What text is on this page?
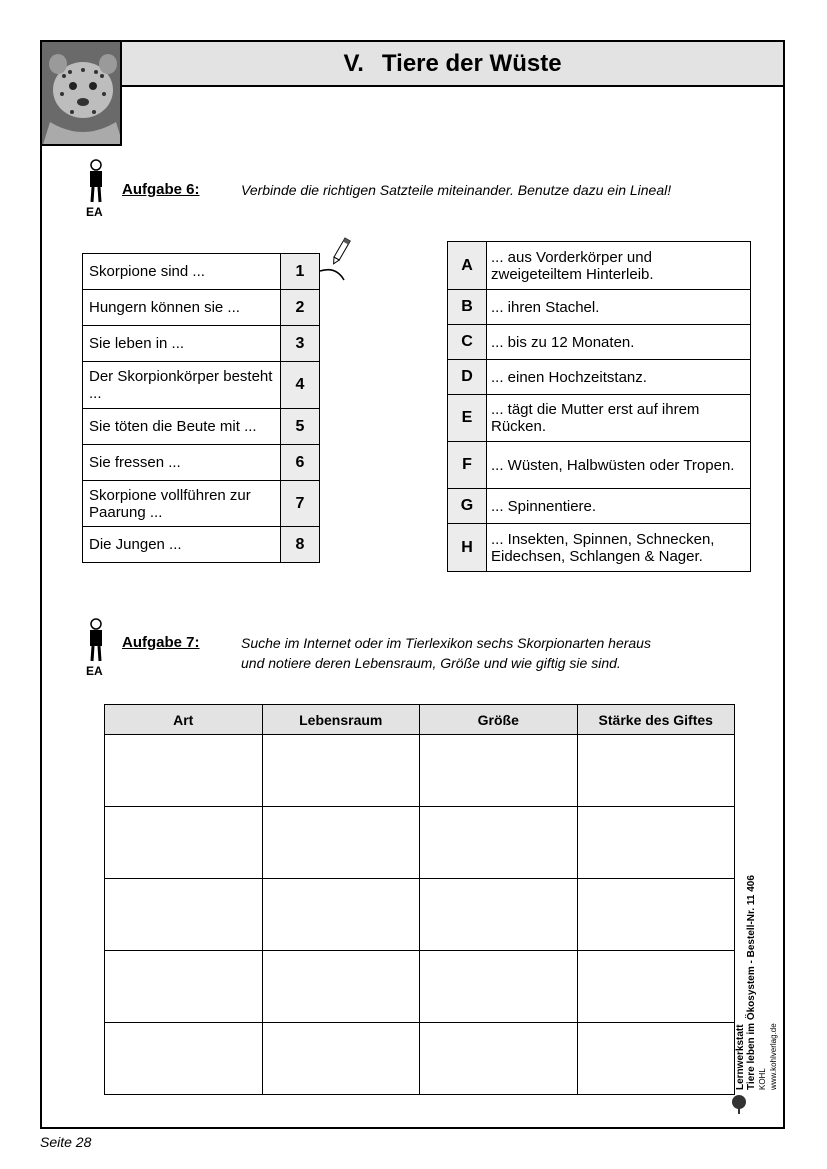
V. Tiere der Wüste
EA
Aufgabe 6:	Verbinde die richtigen Satzteile miteinander. Benutze dazu ein Lineal!
Skorpione sind ...	1
Hungern können sie ...	2
Sie leben in ...	3
Der Skorpionkörper besteht ...	4
Sie töten die Beute mit ...	5
Sie fressen ...	6
Skorpione vollführen zur Paarung ...	7
Die Jungen ...	8
A	... aus Vorderkörper und zweigeteiltem Hinterleib.
B	... ihren Stachel.
C	... bis zu 12 Monaten.
D	... einen Hochzeitstanz.
E	... tägt die Mutter erst auf ihrem Rücken.
F	... Wüsten, Halbwüsten oder Tropen.
G	... Spinnentiere.
H	... Insekten, Spinnen, Schnecken, Eidechsen, Schlangen & Nager.
EA
Aufgabe 7:	Suche im Internet oder im Tierlexikon sechs Skorpionarten heraus
und notiere deren Lebensraum, Größe und wie giftig sie sind.
Art	Lebensraum	Größe	Stärke des Giftes

Lernwerkstatt Tiere leben im Ökosystem - Bestell-Nr. 11 406 KOHL www.kohlverlag.de
Seite 28
